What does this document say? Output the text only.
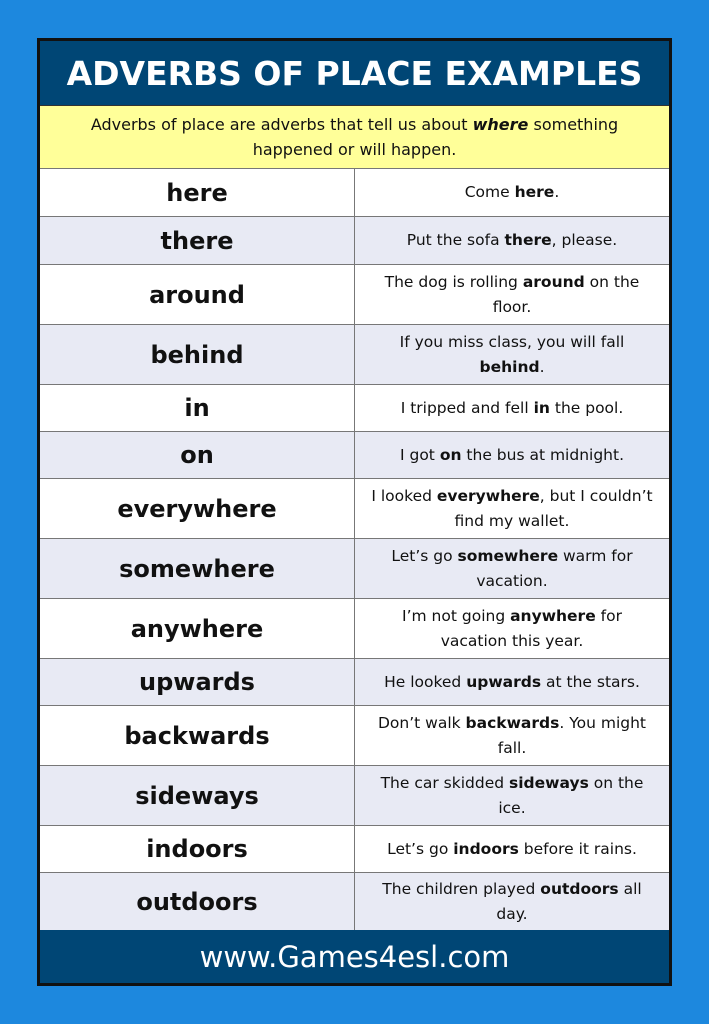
ADVERBS OF PLACE EXAMPLES
Adverbs of place are adverbs that tell us about where something happened or will happen.
here	Come here.
there	Put the sofa there, please.
around	The dog is rolling around on the floor.
behind	If you miss class, you will fall behind.
in	I tripped and fell in the pool.
on	I got on the bus at midnight.
everywhere	I looked everywhere, but I couldn’t find my wallet.
somewhere	Let’s go somewhere warm for vacation.
anywhere	I’m not going anywhere for vacation this year.
upwards	He looked upwards at the stars.
backwards	Don’t walk backwards. You might fall.
sideways	The car skidded sideways on the ice.
indoors	Let’s go indoors before it rains.
outdoors	The children played outdoors all day.
www.Games4esl.com
